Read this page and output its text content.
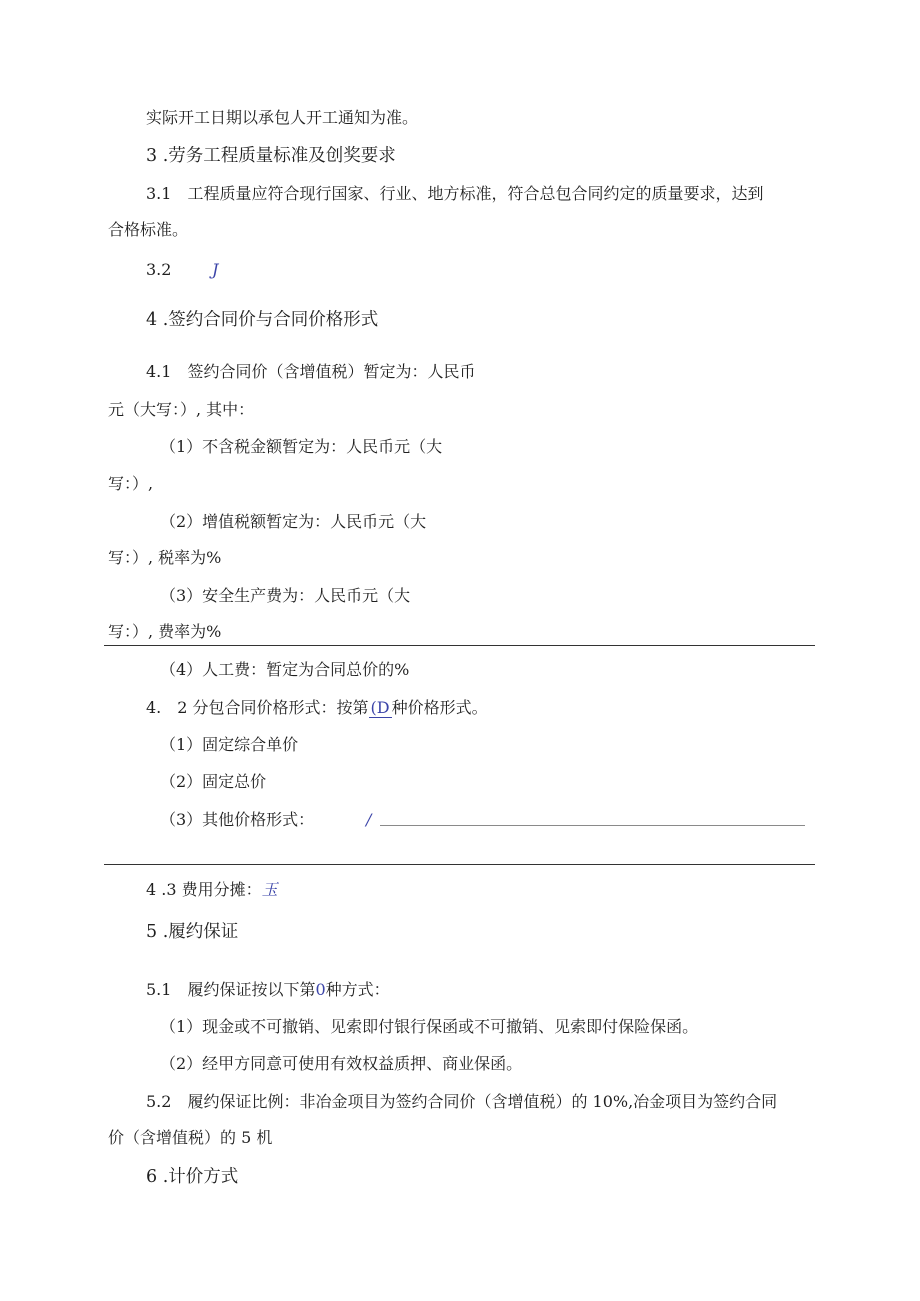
实际开工日期以承包人开工通知为准。
3 .劳务工程质量标准及创奖要求
3.1　工程质量应符合现行国家、行业、地方标准，符合总包合同约定的质量要求，达到
合格标准。
3.2	J
4 .签约合同价与合同价格形式
4.1　签约合同价（含增值税）暂定为：人民币
元（大写：）, 其中：
（1）不含税金额暂定为：人民币元（大
写：）,
（2）增值税额暂定为：人民币元（大
写：）, 税率为%
（3）安全生产费为：人民币元（大
写：）, 费率为%
（4）人工费：暂定为合同总价的%
4.　2 分包合同价格形式：按第 (D 种价格形式。
（1）固定综合单价
（2）固定总价
（3）其他价格形式：	/
4 .3 费用分摊：玉
5 .履约保证
5.1　履约保证按以下第0种方式：
（1）现金或不可撤销、见索即付银行保函或不可撤销、见索即付保险保函。
（2）经甲方同意可使用有效权益质押、商业保函。
5.2　履约保证比例：非冶金项目为签约合同价（含增值税）的 10%,冶金项目为签约合同
价（含增值税）的 5 机
6 .计价方式
